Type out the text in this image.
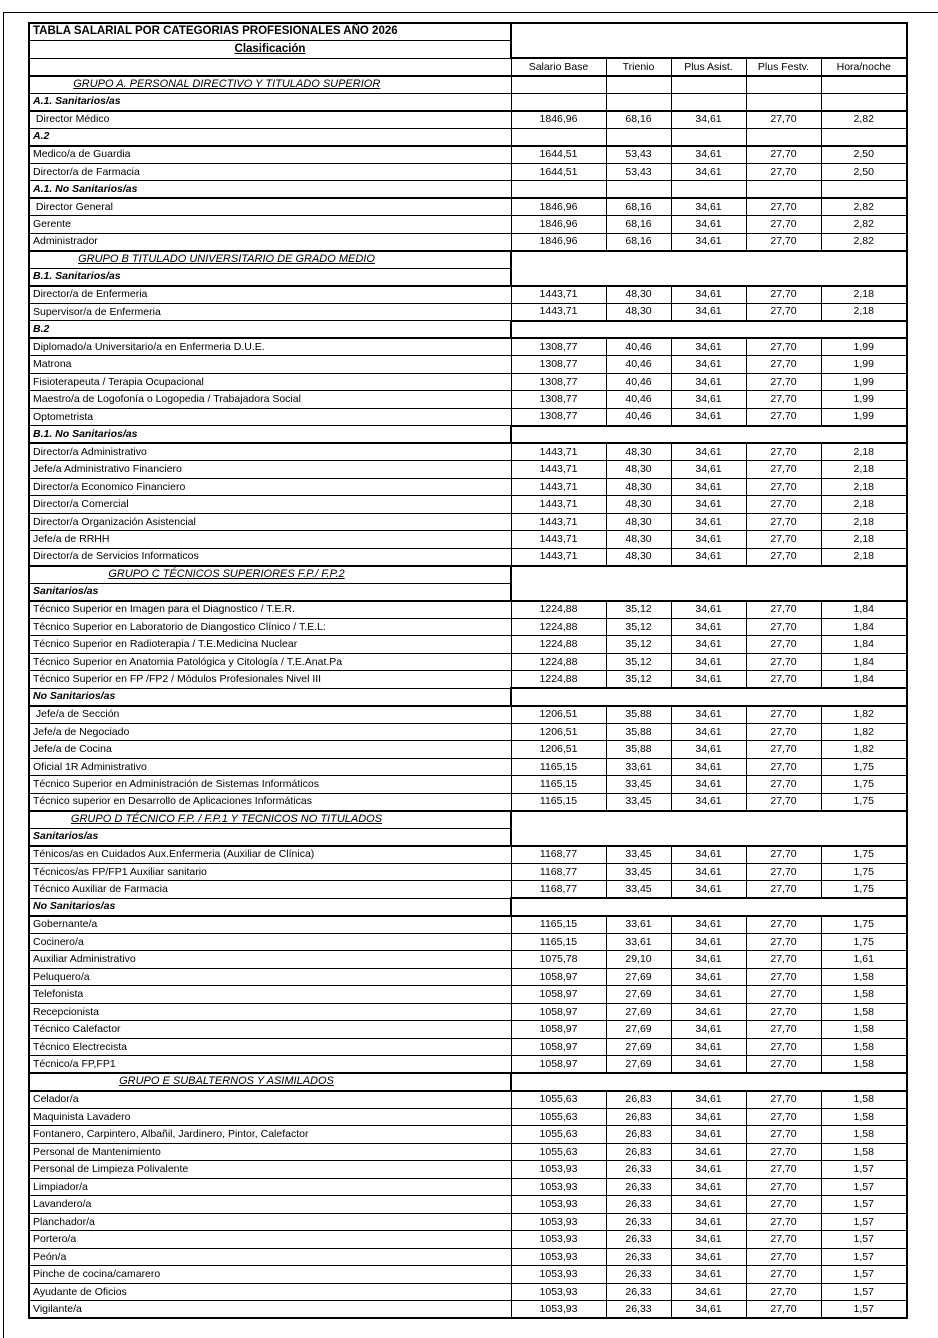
TABLA SALARIAL POR CATEGORIAS PROFESIONALES AÑO 2026					
Clasificación					
	Salario Base	Trienio	Plus Asist.	Plus Festv.	Hora/noche
GRUPO A. PERSONAL DIRECTIVO Y TITULADO SUPERIOR					
A.1. Sanitarios/as					
Director Médico	1846,96	68,16	34,61	27,70	2,82
A.2					
Medico/a de Guardia	1644,51	53,43	34,61	27,70	2,50
Director/a de Farmacia	1644,51	53,43	34,61	27,70	2,50
A.1. No Sanitarios/as					
Director General	1846,96	68,16	34,61	27,70	2,82
Gerente	1846,96	68,16	34,61	27,70	2,82
Administrador	1846,96	68,16	34,61	27,70	2,82
GRUPO B TITULADO UNIVERSITARIO DE GRADO MEDIO					
B.1. Sanitarios/as					
Director/a de Enfermeria	1443,71	48,30	34,61	27,70	2,18
Supervisor/a de Enfermeria	1443,71	48,30	34,61	27,70	2,18
B.2					
Diplomado/a Universitario/a en Enfermeria D.U.E.	1308,77	40,46	34,61	27,70	1,99
Matrona	1308,77	40,46	34,61	27,70	1,99
Fisioterapeuta / Terapia Ocupacional	1308,77	40,46	34,61	27,70	1,99
Maestro/a de Logofonía o Logopedia / Trabajadora Social	1308,77	40,46	34,61	27,70	1,99
Optometrista	1308,77	40,46	34,61	27,70	1,99
B.1. No Sanitarios/as					
Director/a Administrativo	1443,71	48,30	34,61	27,70	2,18
Jefe/a Administrativo Financiero	1443,71	48,30	34,61	27,70	2,18
Director/a Economico Financiero	1443,71	48,30	34,61	27,70	2,18
Director/a Comercial	1443,71	48,30	34,61	27,70	2,18
Director/a Organización Asistencial	1443,71	48,30	34,61	27,70	2,18
Jefe/a de RRHH	1443,71	48,30	34,61	27,70	2,18
Director/a de Servicios Informaticos	1443,71	48,30	34,61	27,70	2,18
GRUPO C TÉCNICOS SUPERIORES F.P./ F.P.2					
Sanitarios/as					
Técnico Superior en Imagen para el Diagnostico / T.E.R.	1224,88	35,12	34,61	27,70	1,84
Técnico Superior en Laboratorio de Diangostico Clínico / T.E.L:	1224,88	35,12	34,61	27,70	1,84
Técnico Superior en Radioterapia / T.E.Medicina Nuclear	1224,88	35,12	34,61	27,70	1,84
Técnico Superior en Anatomia Patológica y Citología / T.E.Anat.Pa	1224,88	35,12	34,61	27,70	1,84
Técnico Superior en FP /FP2 / Módulos Profesionales Nivel III	1224,88	35,12	34,61	27,70	1,84
No Sanitarios/as					
Jefe/a de Sección	1206,51	35,88	34,61	27,70	1,82
Jefe/a de Negociado	1206,51	35,88	34,61	27,70	1,82
Jefe/a de Cocina	1206,51	35,88	34,61	27,70	1,82
Oficial 1R Administrativo	1165,15	33,61	34,61	27,70	1,75
Técnico Superior en Administración de Sistemas Informáticos	1165,15	33,45	34,61	27,70	1,75
Técnico superior en Desarrollo de Aplicaciones Informáticas	1165,15	33,45	34,61	27,70	1,75
GRUPO D TÉCNICO F.P. / F.P.1 Y TECNICOS NO TITULADOS					
Sanitarios/as					
Ténicos/as en Cuidados Aux.Enfermeria (Auxiliar de Clínica)	1168,77	33,45	34,61	27,70	1,75
Técnicos/as FP/FP1 Auxiliar sanitario	1168,77	33,45	34,61	27,70	1,75
Técnico Auxiliar de Farmacia	1168,77	33,45	34,61	27,70	1,75
No Sanitarios/as					
Gobernante/a	1165,15	33,61	34,61	27,70	1,75
Cocinero/a	1165,15	33,61	34,61	27,70	1,75
Auxiliar Administrativo	1075,78	29,10	34,61	27,70	1,61
Peluquero/a	1058,97	27,69	34,61	27,70	1,58
Telefonista	1058,97	27,69	34,61	27,70	1,58
Recepcionista	1058,97	27,69	34,61	27,70	1,58
Técnico Calefactor	1058,97	27,69	34,61	27,70	1,58
Técnico Electrecista	1058,97	27,69	34,61	27,70	1,58
Técnico/a FP,FP1	1058,97	27,69	34,61	27,70	1,58
GRUPO E SUBALTERNOS Y ASIMILADOS					
Celador/a	1055,63	26,83	34,61	27,70	1,58
Maquinista Lavadero	1055,63	26,83	34,61	27,70	1,58
Fontanero, Carpintero, Albañil, Jardinero, Pintor, Calefactor	1055,63	26,83	34,61	27,70	1,58
Personal de Mantenimiento	1055,63	26,83	34,61	27,70	1,58
Personal de Limpieza Polivalente	1053,93	26,33	34,61	27,70	1,57
Limpiador/a	1053,93	26,33	34,61	27,70	1,57
Lavandero/a	1053,93	26,33	34,61	27,70	1,57
Planchador/a	1053,93	26,33	34,61	27,70	1,57
Portero/a	1053,93	26,33	34,61	27,70	1,57
Peón/a	1053,93	26,33	34,61	27,70	1,57
Pinche de cocina/camarero	1053,93	26,33	34,61	27,70	1,57
Ayudante de Oficios	1053,93	26,33	34,61	27,70	1,57
Vigilante/a	1053,93	26,33	34,61	27,70	1,57
